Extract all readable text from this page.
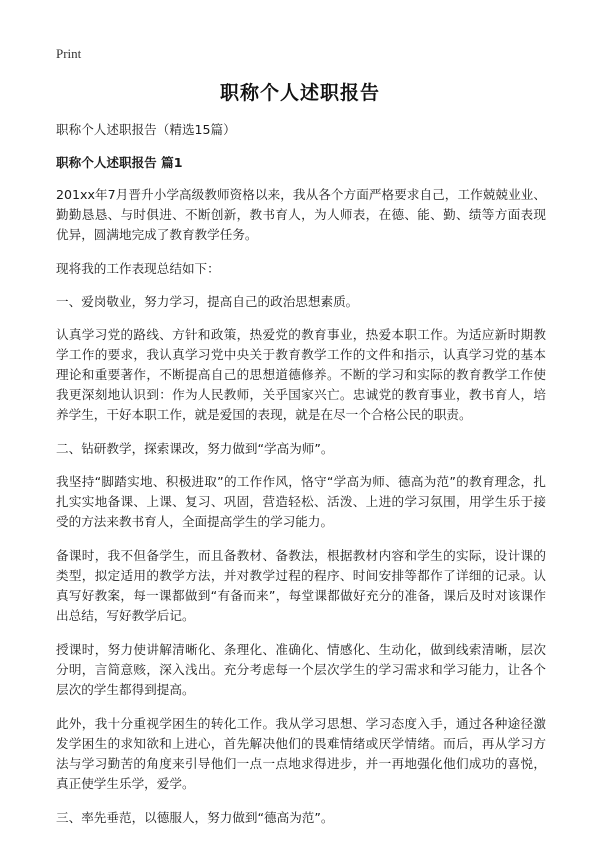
Print
职称个人述职报告

职称个人述职报告（精选15篇）

职称个人述职报告 篇1

201xx年7月晋升小学高级教师资格以来，我从各个方面严格要求自己，工作兢兢业业、勤勤恳恳、与时俱进、不断创新，教书育人，为人师表，在德、能、勤、绩等方面表现优异，圆满地完成了教育教学任务。

现将我的工作表现总结如下：

一、爱岗敬业，努力学习，提高自己的政治思想素质。

认真学习党的路线、方针和政策，热爱党的教育事业，热爱本职工作。为适应新时期教学工作的要求，我认真学习党中央关于教育教学工作的文件和指示，认真学习党的基本理论和重要著作，不断提高自己的思想道德修养。不断的学习和实际的教育教学工作使我更深刻地认识到：作为人民教师，关乎国家兴亡。忠诚党的教育事业，教书育人，培养学生，干好本职工作，就是爱国的表现，就是在尽一个合格公民的职责。

二、钻研教学，探索课改，努力做到“学高为师”。

我坚持“脚踏实地、积极进取”的工作作风，恪守“学高为师、德高为范”的教育理念，扎扎实实地备课、上课、复习、巩固，营造轻松、活泼、上进的学习氛围，用学生乐于接受的方法来教书育人，全面提高学生的学习能力。

备课时，我不但备学生，而且备教材、备教法，根据教材内容和学生的实际，设计课的类型，拟定适用的教学方法，并对教学过程的程序、时间安排等都作了详细的记录。认真写好教案，每一课都做到“有备而来”，每堂课都做好充分的准备，课后及时对该课作出总结，写好教学后记。

授课时，努力使讲解清晰化、条理化、准确化、情感化、生动化，做到线索清晰，层次分明，言简意赅，深入浅出。充分考虑每一个层次学生的学习需求和学习能力，让各个层次的学生都得到提高。

此外，我十分重视学困生的转化工作。我从学习思想、学习态度入手，通过各种途径激发学困生的求知欲和上进心，首先解决他们的畏难情绪或厌学情绪。而后，再从学习方法与学习勤苦的角度来引导他们一点一点地求得进步，并一再地强化他们成功的喜悦，真正使学生乐学，爱学。

三、率先垂范，以德服人，努力做到“德高为范”。
